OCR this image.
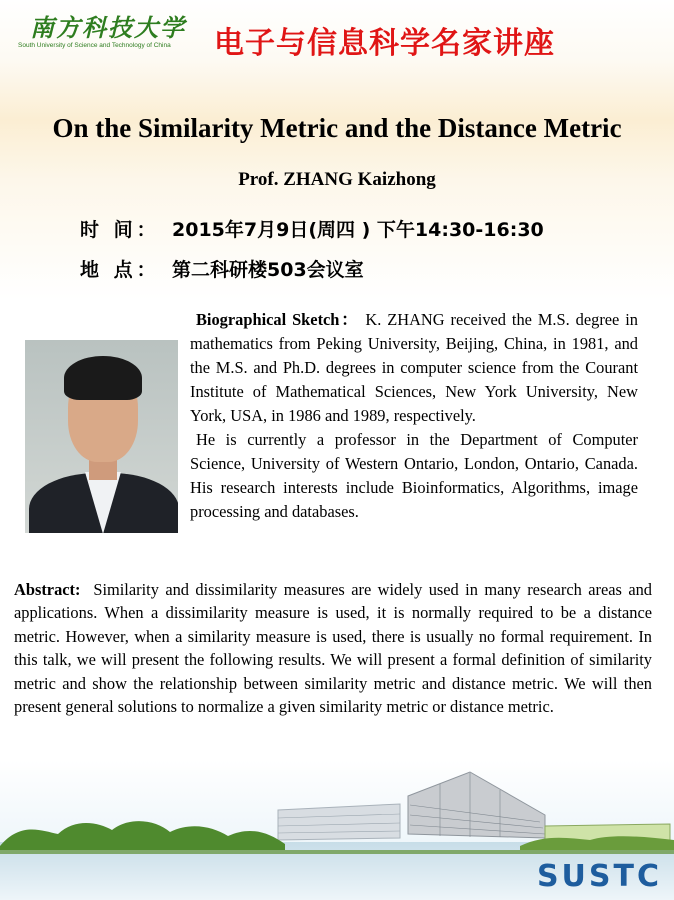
南方科技大学
South University of Science and Technology of China 电子与信息科学名家讲座
On the Similarity Metric and the Distance Metric
Prof. ZHANG Kaizhong
时 间： 2015年7月9日(周四 ) 下午14:30-16:30
地 点： 第二科研楼503会议室

Biographical Sketch： K. ZHANG received the M.S. degree in mathematics from Peking University, Beijing, China, in 1981, and the M.S. and Ph.D. degrees in computer science from the Courant Institute of Mathematical Sciences, New York University, New York, USA, in 1986 and 1989, respectively.

He is currently a professor in the Department of Computer Science, University of Western Ontario, London, Ontario, Canada. His research interests include Bioinformatics, Algorithms, image processing and databases.

Abstract: Similarity and dissimilarity measures are widely used in many research areas and applications. When a dissimilarity measure is used, it is normally required to be a distance metric. However, when a similarity measure is used, there is usually no formal requirement. In this talk, we will present the following results. We will present a formal definition of similarity metric and show the relationship between similarity metric and distance metric. We will then present general solutions to normalize a given similarity metric or distance metric.
SUSTC
